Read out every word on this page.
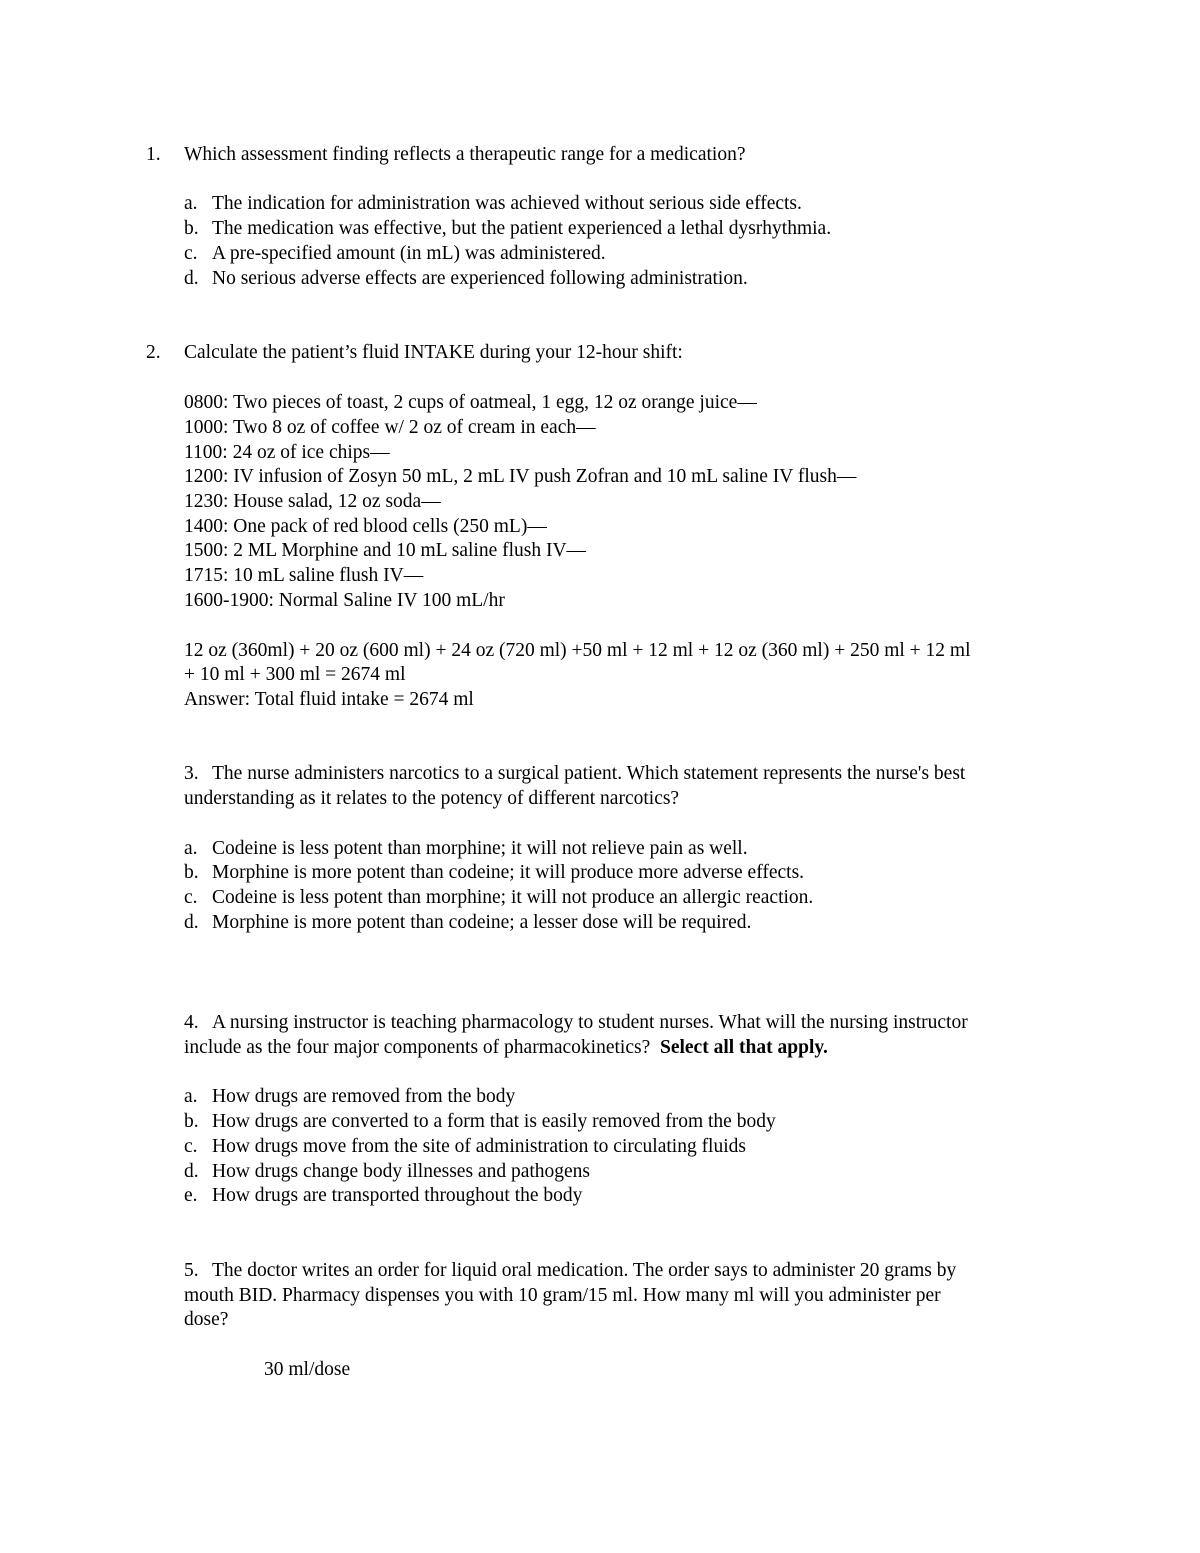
1. Which assessment finding reflects a therapeutic range for a medication?
a. The indication for administration was achieved without serious side effects.
b. The medication was effective, but the patient experienced a lethal dysrhythmia.
c. A pre-specified amount (in mL) was administered.
d. No serious adverse effects are experienced following administration.
2. Calculate the patient’s fluid INTAKE during your 12-hour shift:
0800: Two pieces of toast, 2 cups of oatmeal, 1 egg, 12 oz orange juice—
1000: Two 8 oz of coffee w/ 2 oz of cream in each—
1100: 24 oz of ice chips—
1200: IV infusion of Zosyn 50 mL, 2 mL IV push Zofran and 10 mL saline IV flush—
1230: House salad, 12 oz soda—
1400: One pack of red blood cells (250 mL)—
1500: 2 ML Morphine and 10 mL saline flush IV—
1715: 10 mL saline flush IV—
1600-1900: Normal Saline IV 100 mL/hr
12 oz (360ml) + 20 oz (600 ml) + 24 oz (720 ml) +50 ml + 12 ml + 12 oz (360 ml) + 250 ml + 12 ml
+ 10 ml + 300 ml = 2674 ml
Answer: Total fluid intake = 2674 ml
3. The nurse administers narcotics to a surgical patient. Which statement represents the nurse's best
understanding as it relates to the potency of different narcotics?
a. Codeine is less potent than morphine; it will not relieve pain as well.
b. Morphine is more potent than codeine; it will produce more adverse effects.
c. Codeine is less potent than morphine; it will not produce an allergic reaction.
d. Morphine is more potent than codeine; a lesser dose will be required.
4. A nursing instructor is teaching pharmacology to student nurses. What will the nursing instructor
include as the four major components of pharmacokinetics? Select all that apply.
a. How drugs are removed from the body
b. How drugs are converted to a form that is easily removed from the body
c. How drugs move from the site of administration to circulating fluids
d. How drugs change body illnesses and pathogens
e. How drugs are transported throughout the body
5. The doctor writes an order for liquid oral medication. The order says to administer 20 grams by
mouth BID. Pharmacy dispenses you with 10 gram/15 ml. How many ml will you administer per
dose?
30 ml/dose
